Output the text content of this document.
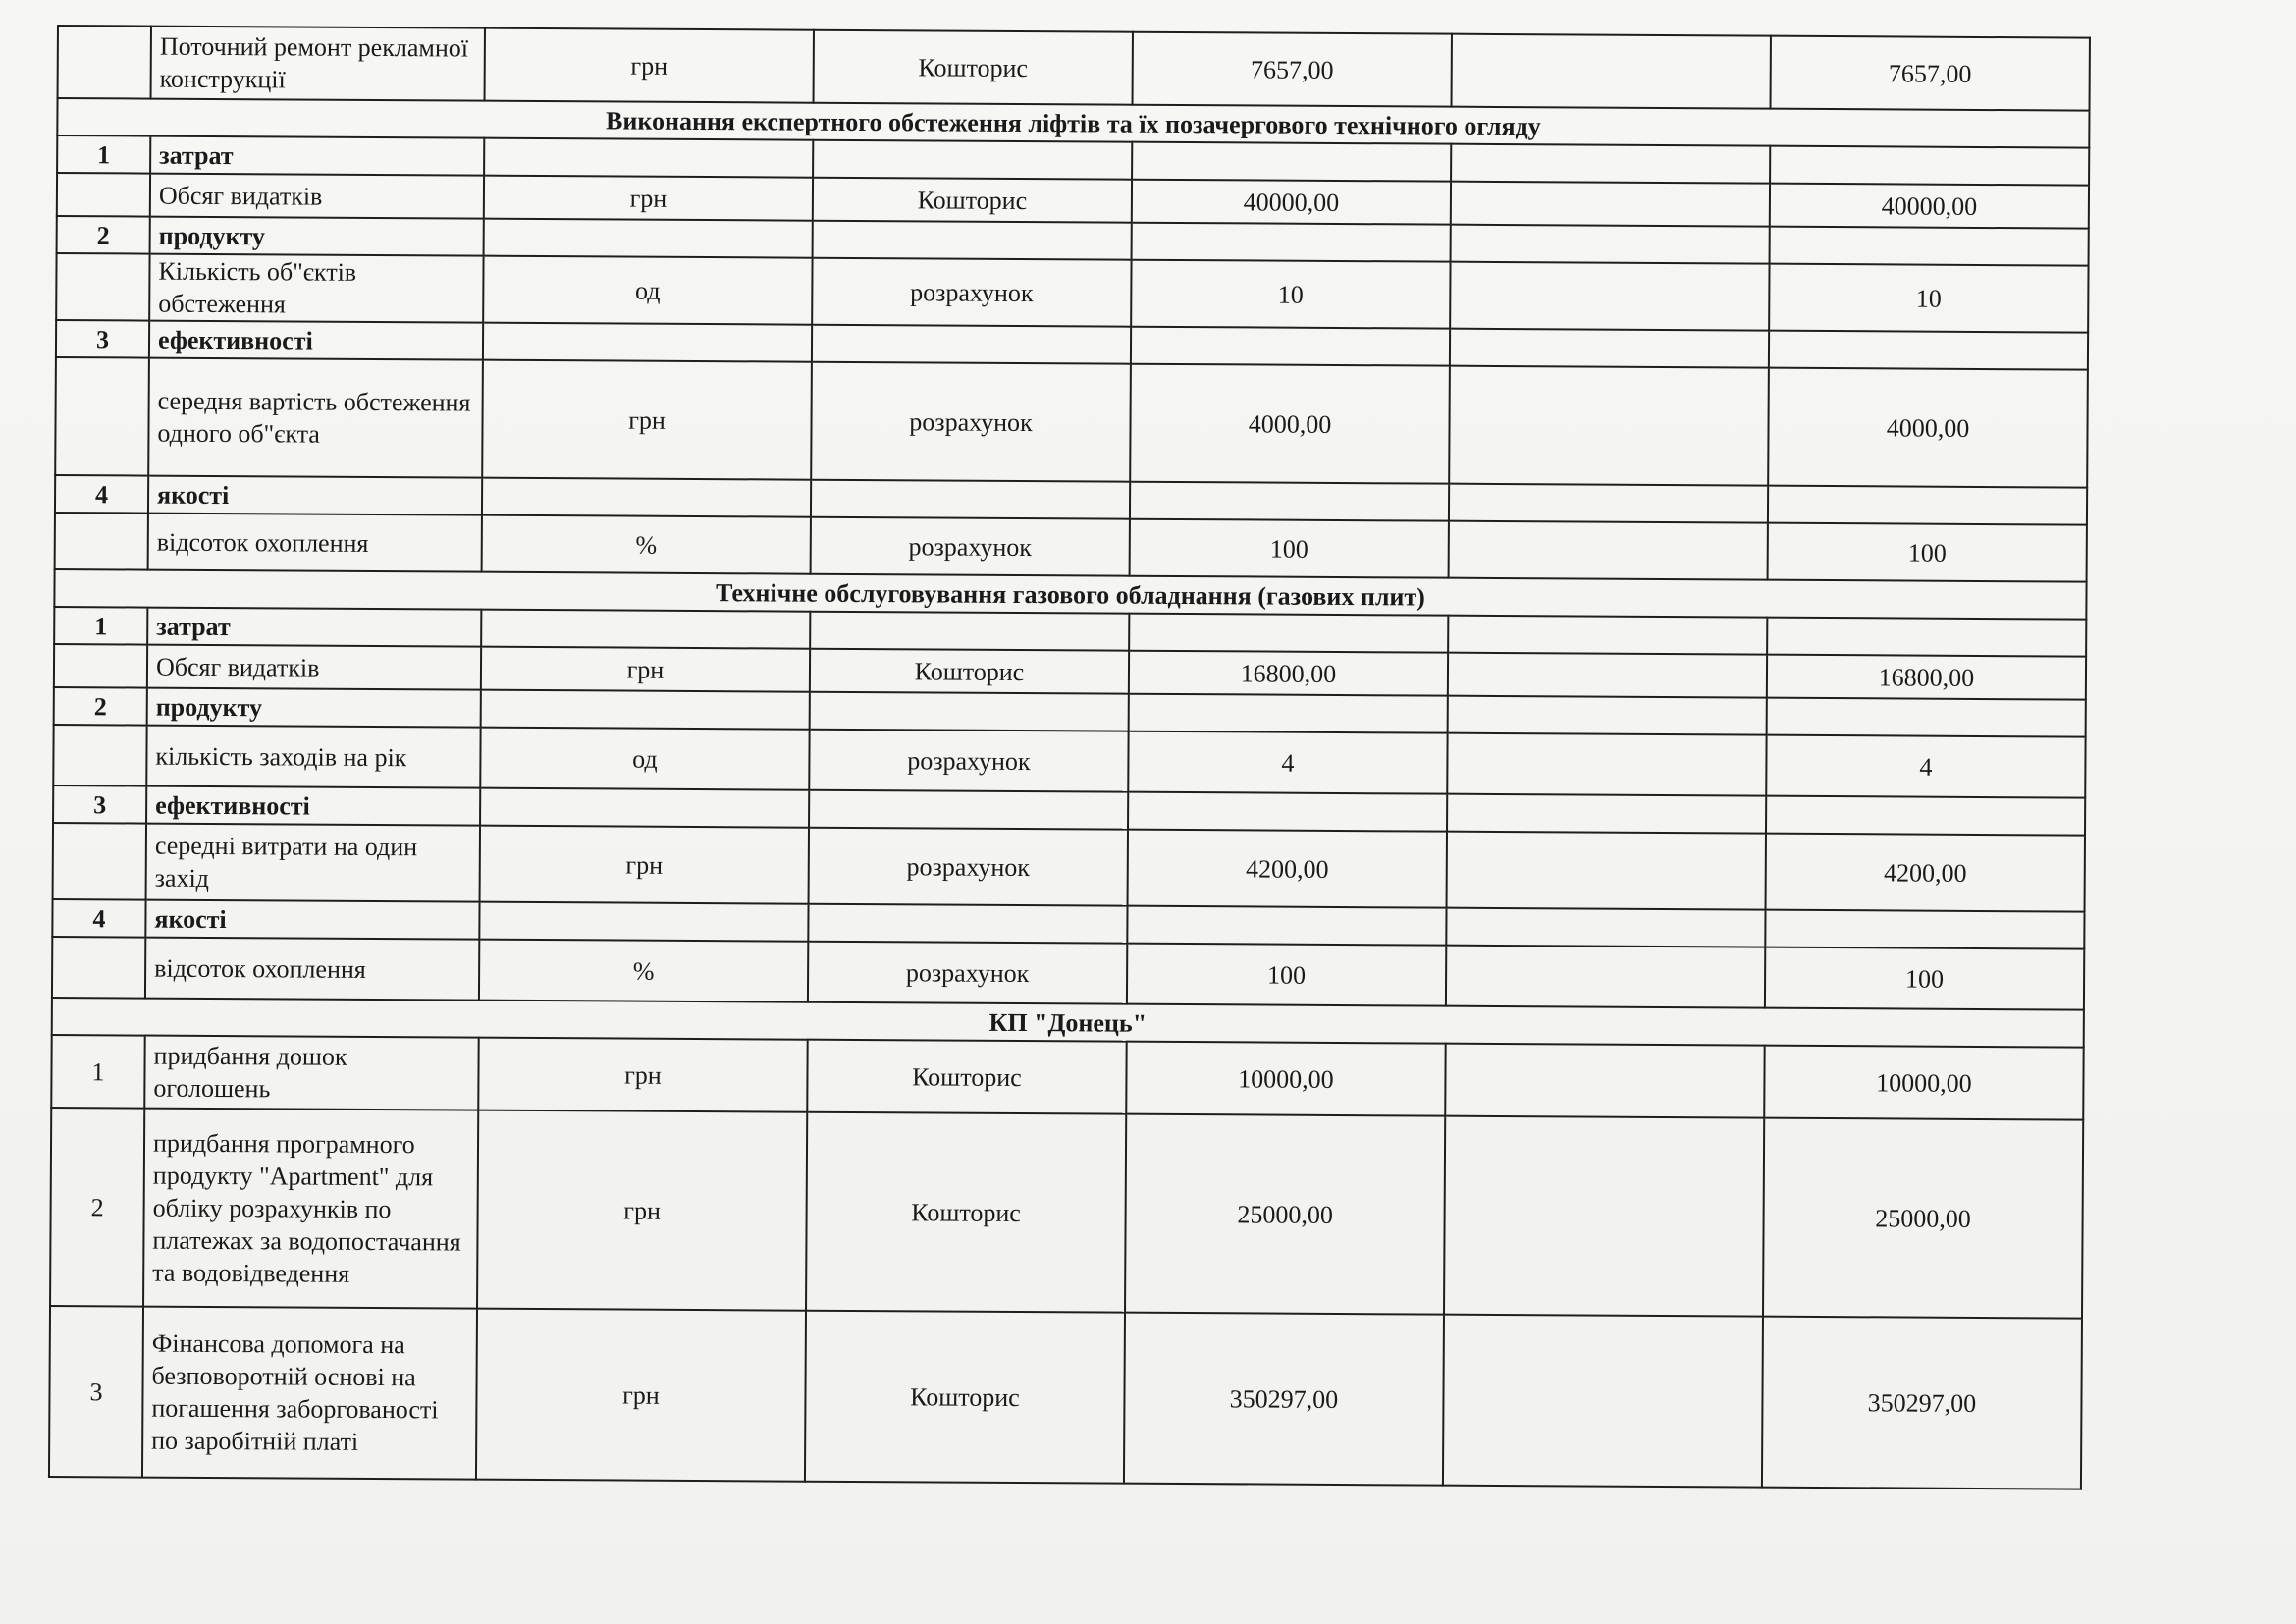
	Поточний ремонт рекламної конструкції	грн	Кошторис	7657,00		7657,00
Виконання експертного обстеження ліфтів та їх позачергового технічного огляду						
1	затрат					
	Обсяг видатків	грн	Кошторис	40000,00		40000,00
2	продукту					
	Кількість об"єктів обстеження	од	розрахунок	10		10
3	ефективності					
	середня вартість обстеження одного об"єкта	грн	розрахунок	4000,00		4000,00
4	якості					
	відсоток охоплення	%	розрахунок	100		100
Технічне обслуговування газового обладнання (газових плит)						
1	затрат					
	Обсяг видатків	грн	Кошторис	16800,00		16800,00
2	продукту					
	кількість заходів на рік	од	розрахунок	4		4
3	ефективності					
	середні витрати на один захід	грн	розрахунок	4200,00		4200,00
4	якості					
	відсоток охоплення	%	розрахунок	100		100
КП "Донець"						
1	придбання дошок оголошень	грн	Кошторис	10000,00		10000,00
2	придбання програмного продукту "Apartment" для обліку розрахунків по платежах за водопостачання та водовідведення	грн	Кошторис	25000,00		25000,00
3	Фінансова допомога на безповоротній основі на погашення заборгованості по заробітній платі	грн	Кошторис	350297,00		350297,00
